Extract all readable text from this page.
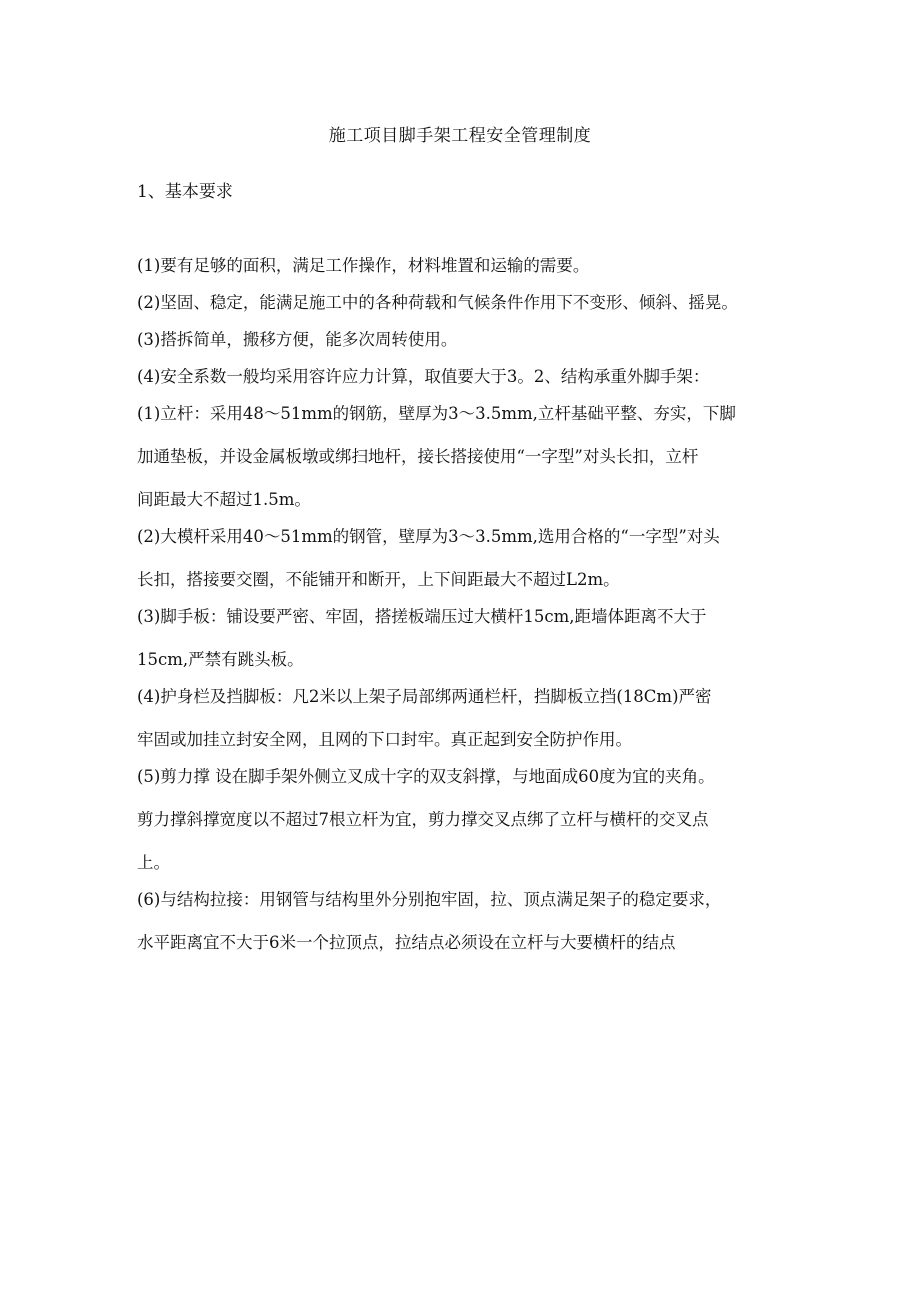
施工项目脚手架工程安全管理制度
1、基本要求
(1)要有足够的面积，满足工作操作，材料堆置和运输的需要。
(2)坚固、稳定，能满足施工中的各种荷载和气候条件作用下不变形、倾斜、摇晃。
(3)搭拆简单，搬移方便，能多次周转使用。
(4)安全系数一般均采用容许应力计算，取值要大于3。2、结构承重外脚手架：
(1)立杆：采用48～51mm的钢筋，壁厚为3～3.5mm,立杆基础平整、夯实，下脚
加通垫板，并设金属板墩或绑扫地杆，接长搭接使用“一字型”对头长扣，立杆
间距最大不超过1.5m。
(2)大模杆采用40～51mm的钢管，壁厚为3～3.5mm,选用合格的“一字型”对头
长扣，搭接要交圈，不能铺开和断开，上下间距最大不超过L2m。
(3)脚手板：铺设要严密、牢固，搭搓板端压过大横杆15cm,距墙体距离不大于
15cm,严禁有跳头板。
(4)护身栏及挡脚板：凡2米以上架子局部绑两通栏杆，挡脚板立挡(18Cm)严密
牢固或加挂立封安全网，且网的下口封牢。真正起到安全防护作用。
(5)剪力撑 设在脚手架外侧立叉成十字的双支斜撑，与地面成60度为宜的夹角。
剪力撑斜撑宽度以不超过7根立杆为宜，剪力撑交叉点绑了立杆与横杆的交叉点
上。
(6)与结构拉接：用钢管与结构里外分别抱牢固，拉、顶点满足架子的稳定要求，
水平距离宜不大于6米一个拉顶点，拉结点必须设在立杆与大要横杆的结点
